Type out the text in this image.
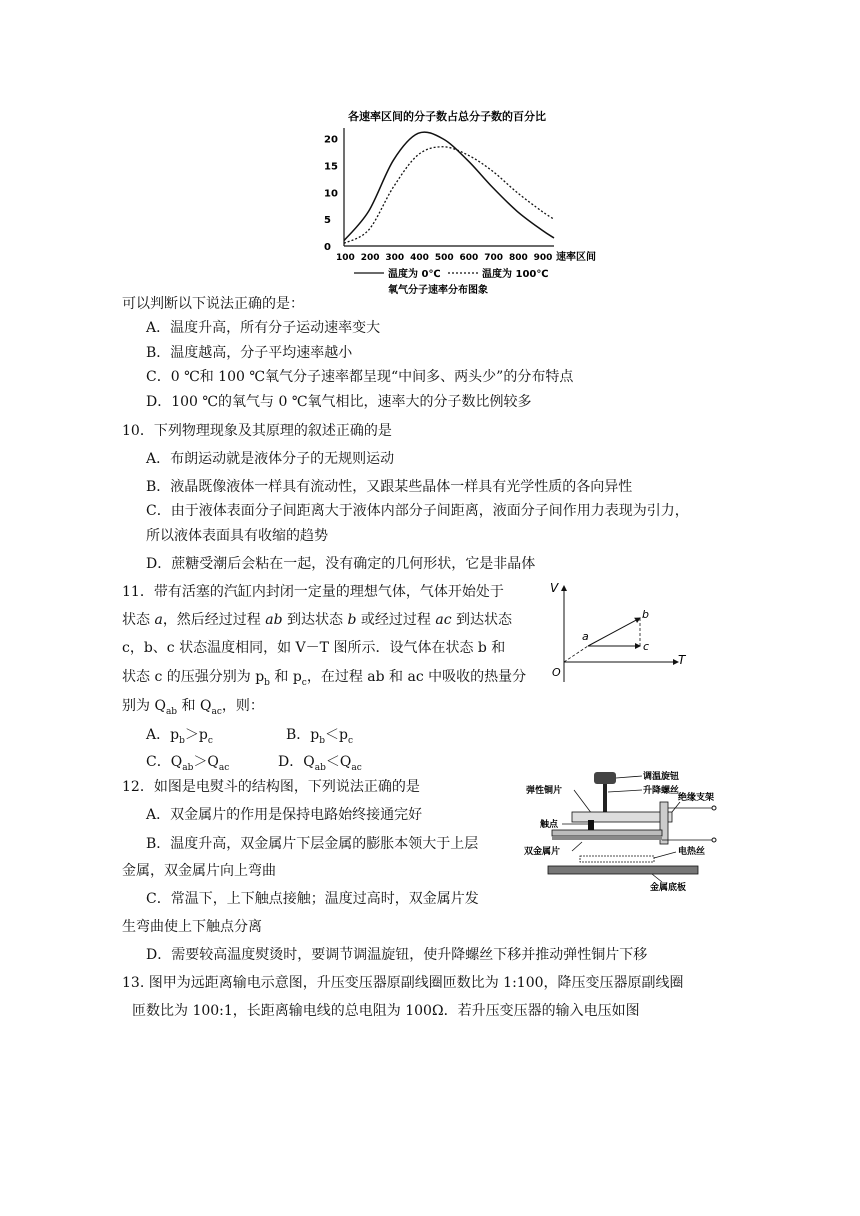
各速率区间的分子数占总分子数的百分比
20
15
10
5
0
100 200 300 400 500 600 700 800 900 速率区间
温度为 0℃	温度为 100℃
氧气分子速率分布图象
可以判断以下说法正确的是：
A．温度升高，所有分子运动速率变大
B．温度越高，分子平均速率越小
C．0 ℃和 100 ℃氧气分子速率都呈现“中间多、两头少”的分布特点
D．100 ℃的氧气与 0 ℃氧气相比，速率大的分子数比例较多
10．下列物理现象及其原理的叙述正确的是
A．布朗运动就是液体分子的无规则运动
B．液晶既像液体一样具有流动性，又跟某些晶体一样具有光学性质的各向异性
C．由于液体表面分子间距离大于液体内部分子间距离，液面分子间作用力表现为引力，
所以液体表面具有收缩的趋势
D．蔗糖受潮后会粘在一起，没有确定的几何形状，它是非晶体
11．带有活塞的汽缸内封闭一定量的理想气体，气体开始处于
状态 a，然后经过过程 ab 到达状态 b 或经过过程 ac 到达状态
c，b、c 状态温度相同，如 V－T 图所示．设气体在状态 b 和
状态 c 的压强分别为 $p_b$ 和 $p_c$，在过程 ab 和 ac 中吸收的热量分
别为 $Q_{ab}$ 和 $Q_{ac}$，则：
A．$p_b>p_c$	B．$p_b<p_c$
C．$Q_{ab}>Q_{ac}$	D．$Q_{ab}<Q_{ac}$
V
T
O
a
b
c
12．如图是电熨斗的结构图，下列说法正确的是
A．双金属片的作用是保持电路始终接通完好
B．温度升高，双金属片下层金属的膨胀本领大于上层
金属，双金属片向上弯曲
C．常温下，上下触点接触；温度过高时，双金属片发
生弯曲使上下触点分离
D．需要较高温度熨烫时，要调节调温旋钮，使升降螺丝下移并推动弹性铜片下移
调温旋钮
升降螺丝
弹性铜片
绝缘支架
触点
双金属片	电热丝
金属底板
13. 图甲为远距离输电示意图，升压变压器原副线圈匝数比为 1:100，降压变压器原副线圈
匝数比为 100:1，长距离输电线的总电阻为 100Ω．若升压变压器的输入电压如图
